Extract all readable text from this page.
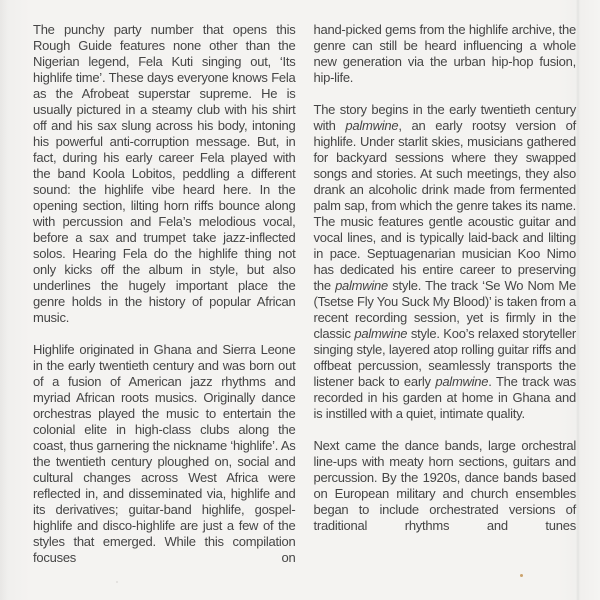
The punchy party number that opens this Rough Guide features none other than the Nigerian legend, Fela Kuti singing out, ‘Its highlife time’. These days everyone knows Fela as the Afrobeat superstar supreme. He is usually pictured in a steamy club with his shirt off and his sax slung across his body, intoning his powerful anti-corruption message. But, in fact, during his early career Fela played with the band Koola Lobitos, peddling a different sound: the highlife vibe heard here. In the opening section, lilting horn riffs bounce along with percussion and Fela’s melodious vocal, before a sax and trumpet take jazz-inflected solos. Hearing Fela do the highlife thing not only kicks off the album in style, but also underlines the hugely important place the genre holds in the history of popular African music.

Highlife originated in Ghana and Sierra Leone in the early twentieth century and was born out of a fusion of American jazz rhythms and myriad African roots musics. Originally dance orchestras played the music to entertain the colonial elite in high-class clubs along the coast, thus garnering the nickname ‘highlife’. As the twentieth century ploughed on, social and cultural changes across West Africa were reflected in, and disseminated via, highlife and its derivatives; guitar-band highlife, gospel-highlife and disco-highlife are just a few of the styles that emerged. While this compilation focuses on

hand-picked gems from the highlife archive, the genre can still be heard influencing a whole new generation via the urban hip-hop fusion, hip-life.

The story begins in the early twentieth century with palmwine, an early rootsy version of highlife. Under starlit skies, musicians gathered for backyard sessions where they swapped songs and stories. At such meetings, they also drank an alcoholic drink made from fermented palm sap, from which the genre takes its name. The music features gentle acoustic guitar and vocal lines, and is typically laid-back and lilting in pace. Septuagenarian musician Koo Nimo has dedicated his entire career to preserving the palmwine style. The track ‘Se Wo Nom Me (Tsetse Fly You Suck My Blood)’ is taken from a recent recording session, yet is firmly in the classic palmwine style. Koo’s relaxed storyteller singing style, layered atop rolling guitar riffs and offbeat percussion, seamlessly transports the listener back to early palmwine. The track was recorded in his garden at home in Ghana and is instilled with a quiet, intimate quality.

Next came the dance bands, large orchestral line-ups with meaty horn sections, guitars and percussion. By the 1920s, dance bands based on European military and church ensembles began to include orchestrated versions of traditional rhythms and tunes
